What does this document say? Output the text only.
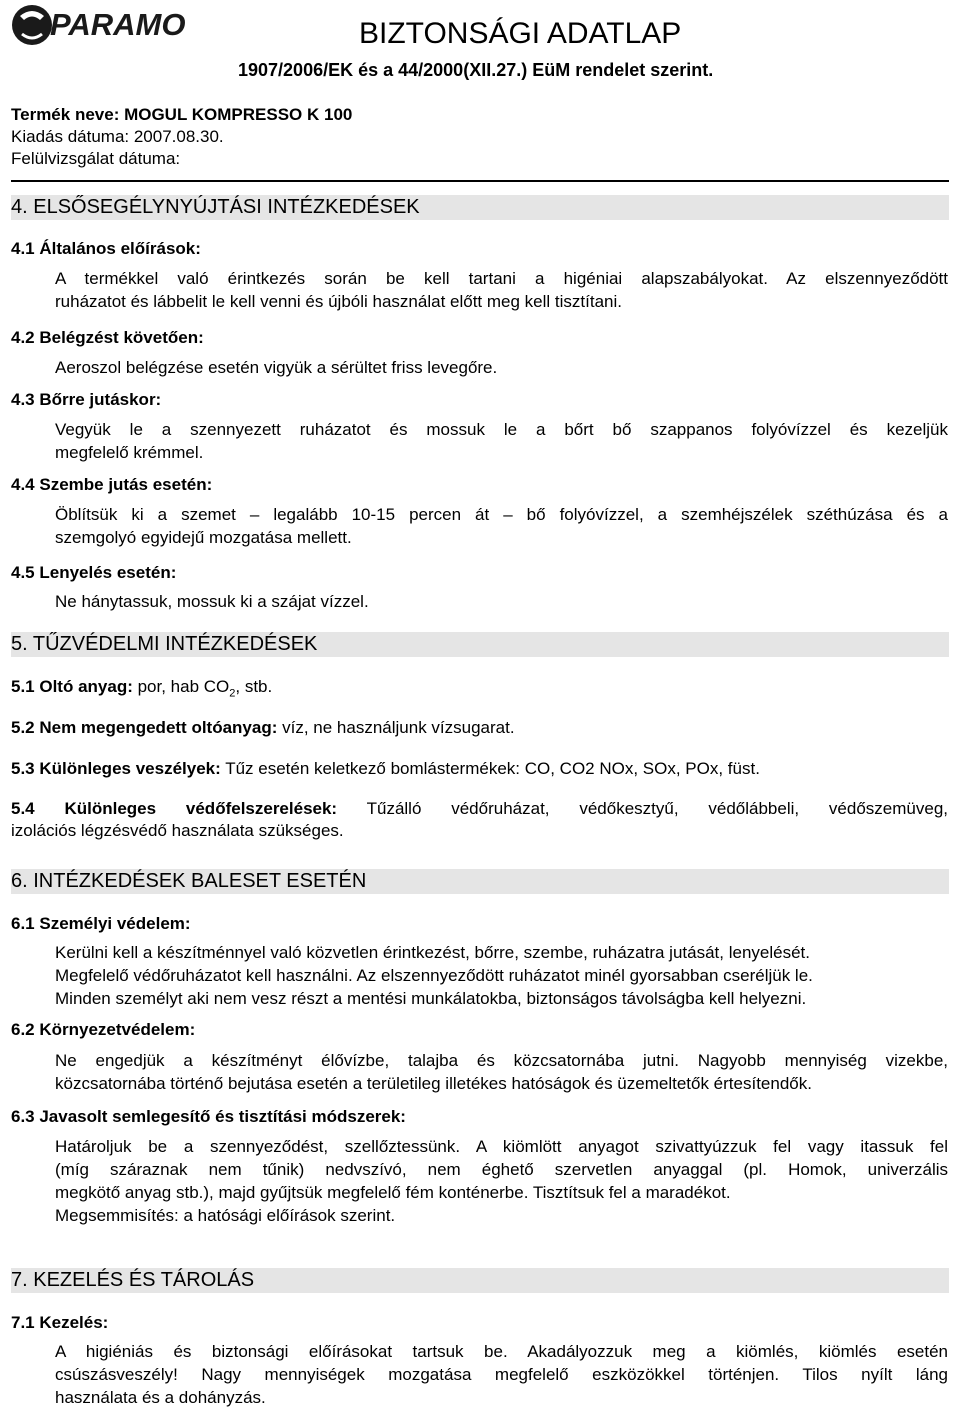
PARAMO	BIZTONSÁGI ADATLAP
1907/2006/EK és a 44/2000(XII.27.) EüM rendelet szerint.
Termék neve: MOGUL KOMPRESSO K 100
Kiadás dátuma: 2007.08.30.
Felülvizsgálat dátuma:
4. ELSŐSEGÉLYNYÚJTÁSI INTÉZKEDÉSEK
4.1 Általános előírások:
A termékkel való érintkezés során be kell tartani a higéniai alapszabályokat. Az elszennyeződött
ruházatot és lábbelit le kell venni és újbóli használat előtt meg kell tisztítani.
4.2 Belégzést követően:
Aeroszol belégzése esetén vigyük a sérültet friss levegőre.
4.3 Bőrre jutáskor:
Vegyük le a szennyezett ruházatot és mossuk le a bőrt bő szappanos folyóvízzel és kezeljük
megfelelő krémmel.
4.4 Szembe jutás esetén:
Öblítsük ki a szemet – legalább 10-15 percen át – bő folyóvízzel, a szemhéjszélek széthúzása és a
szemgolyó egyidejű mozgatása mellett.
4.5 Lenyelés esetén:
Ne hánytassuk, mossuk ki a szájat vízzel.
5. TŰZVÉDELMI INTÉZKEDÉSEK
5.1 Oltó anyag: por, hab $CO_2$, stb.
5.2 Nem megengedett oltóanyag: víz, ne használjunk vízsugarat.
5.3 Különleges veszélyek: Tűz esetén keletkező bomlástermékek: CO, CO2 NOx, SOx, POx, füst.
5.4 Különleges védőfelszerelések: Tűzálló védőruházat, védőkesztyű, védőlábbeli, védőszemüveg,
izolációs légzésvédő használata szükséges.
6. INTÉZKEDÉSEK BALESET ESETÉN
6.1 Személyi védelem:
Kerülni kell a készítménnyel való közvetlen érintkezést, bőrre, szembe, ruházatra jutását, lenyelését.
Megfelelő védőruházatot kell használni. Az elszennyeződött ruházatot minél gyorsabban cseréljük le.
Minden személyt aki nem vesz részt a mentési munkálatokba, biztonságos távolságba kell helyezni.
6.2 Környezetvédelem:
Ne engedjük a készítményt élővízbe, talajba és közcsatornába jutni. Nagyobb mennyiség vizekbe,
közcsatornába történő bejutása esetén a területileg illetékes hatóságok és üzemeltetők értesítendők.
6.3 Javasolt semlegesítő és tisztítási módszerek:
Határoljuk be a szennyeződést, szellőztessünk. A kiömlött anyagot szivattyúzzuk fel vagy itassuk fel
(míg száraznak nem tűnik) nedvszívó, nem éghető szervetlen anyaggal (pl. Homok, univerzális
megkötő anyag stb.), majd gyűjtsük megfelelő fém konténerbe. Tisztítsuk fel a maradékot.
Megsemmisítés: a hatósági előírások szerint.
7. KEZELÉS ÉS TÁROLÁS
7.1 Kezelés:
A higiéniás és biztonsági előírásokat tartsuk be. Akadályozzuk meg a kiömlés, kiömlés esetén
csúszásveszély! Nagy mennyiségek mozgatása megfelelő eszközökkel történjen. Tilos nyílt láng
használata és a dohányzás.
